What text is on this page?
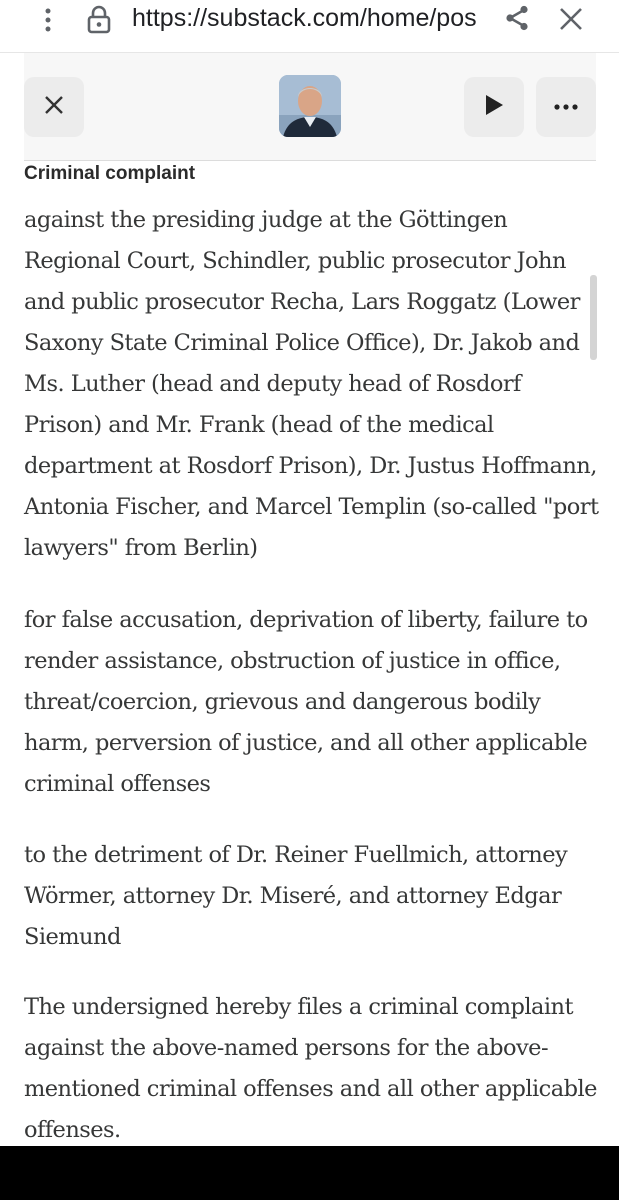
https://substack.com/home/pos
Criminal complaint

against the presiding judge at the Göttingen Regional Court, Schindler, public prosecutor John and public prosecutor Recha, Lars Roggatz (Lower Saxony State Criminal Police Office), Dr. Jakob and Ms. Luther (head and deputy head of Rosdorf Prison) and Mr. Frank (head of the medical department at Rosdorf Prison), Dr. Justus Hoffmann, Antonia Fischer, and Marcel Templin (so-called "port lawyers" from Berlin)

for false accusation, deprivation of liberty, failure to render assistance, obstruction of justice in office, threat/coercion, grievous and dangerous bodily harm, perversion of justice, and all other applicable criminal offenses

to the detriment of Dr. Reiner Fuellmich, attorney Wörmer, attorney Dr. Miseré, and attorney Edgar Siemund

The undersigned hereby files a criminal complaint against the above-named persons for the above-mentioned criminal offenses and all other applicable offenses.
